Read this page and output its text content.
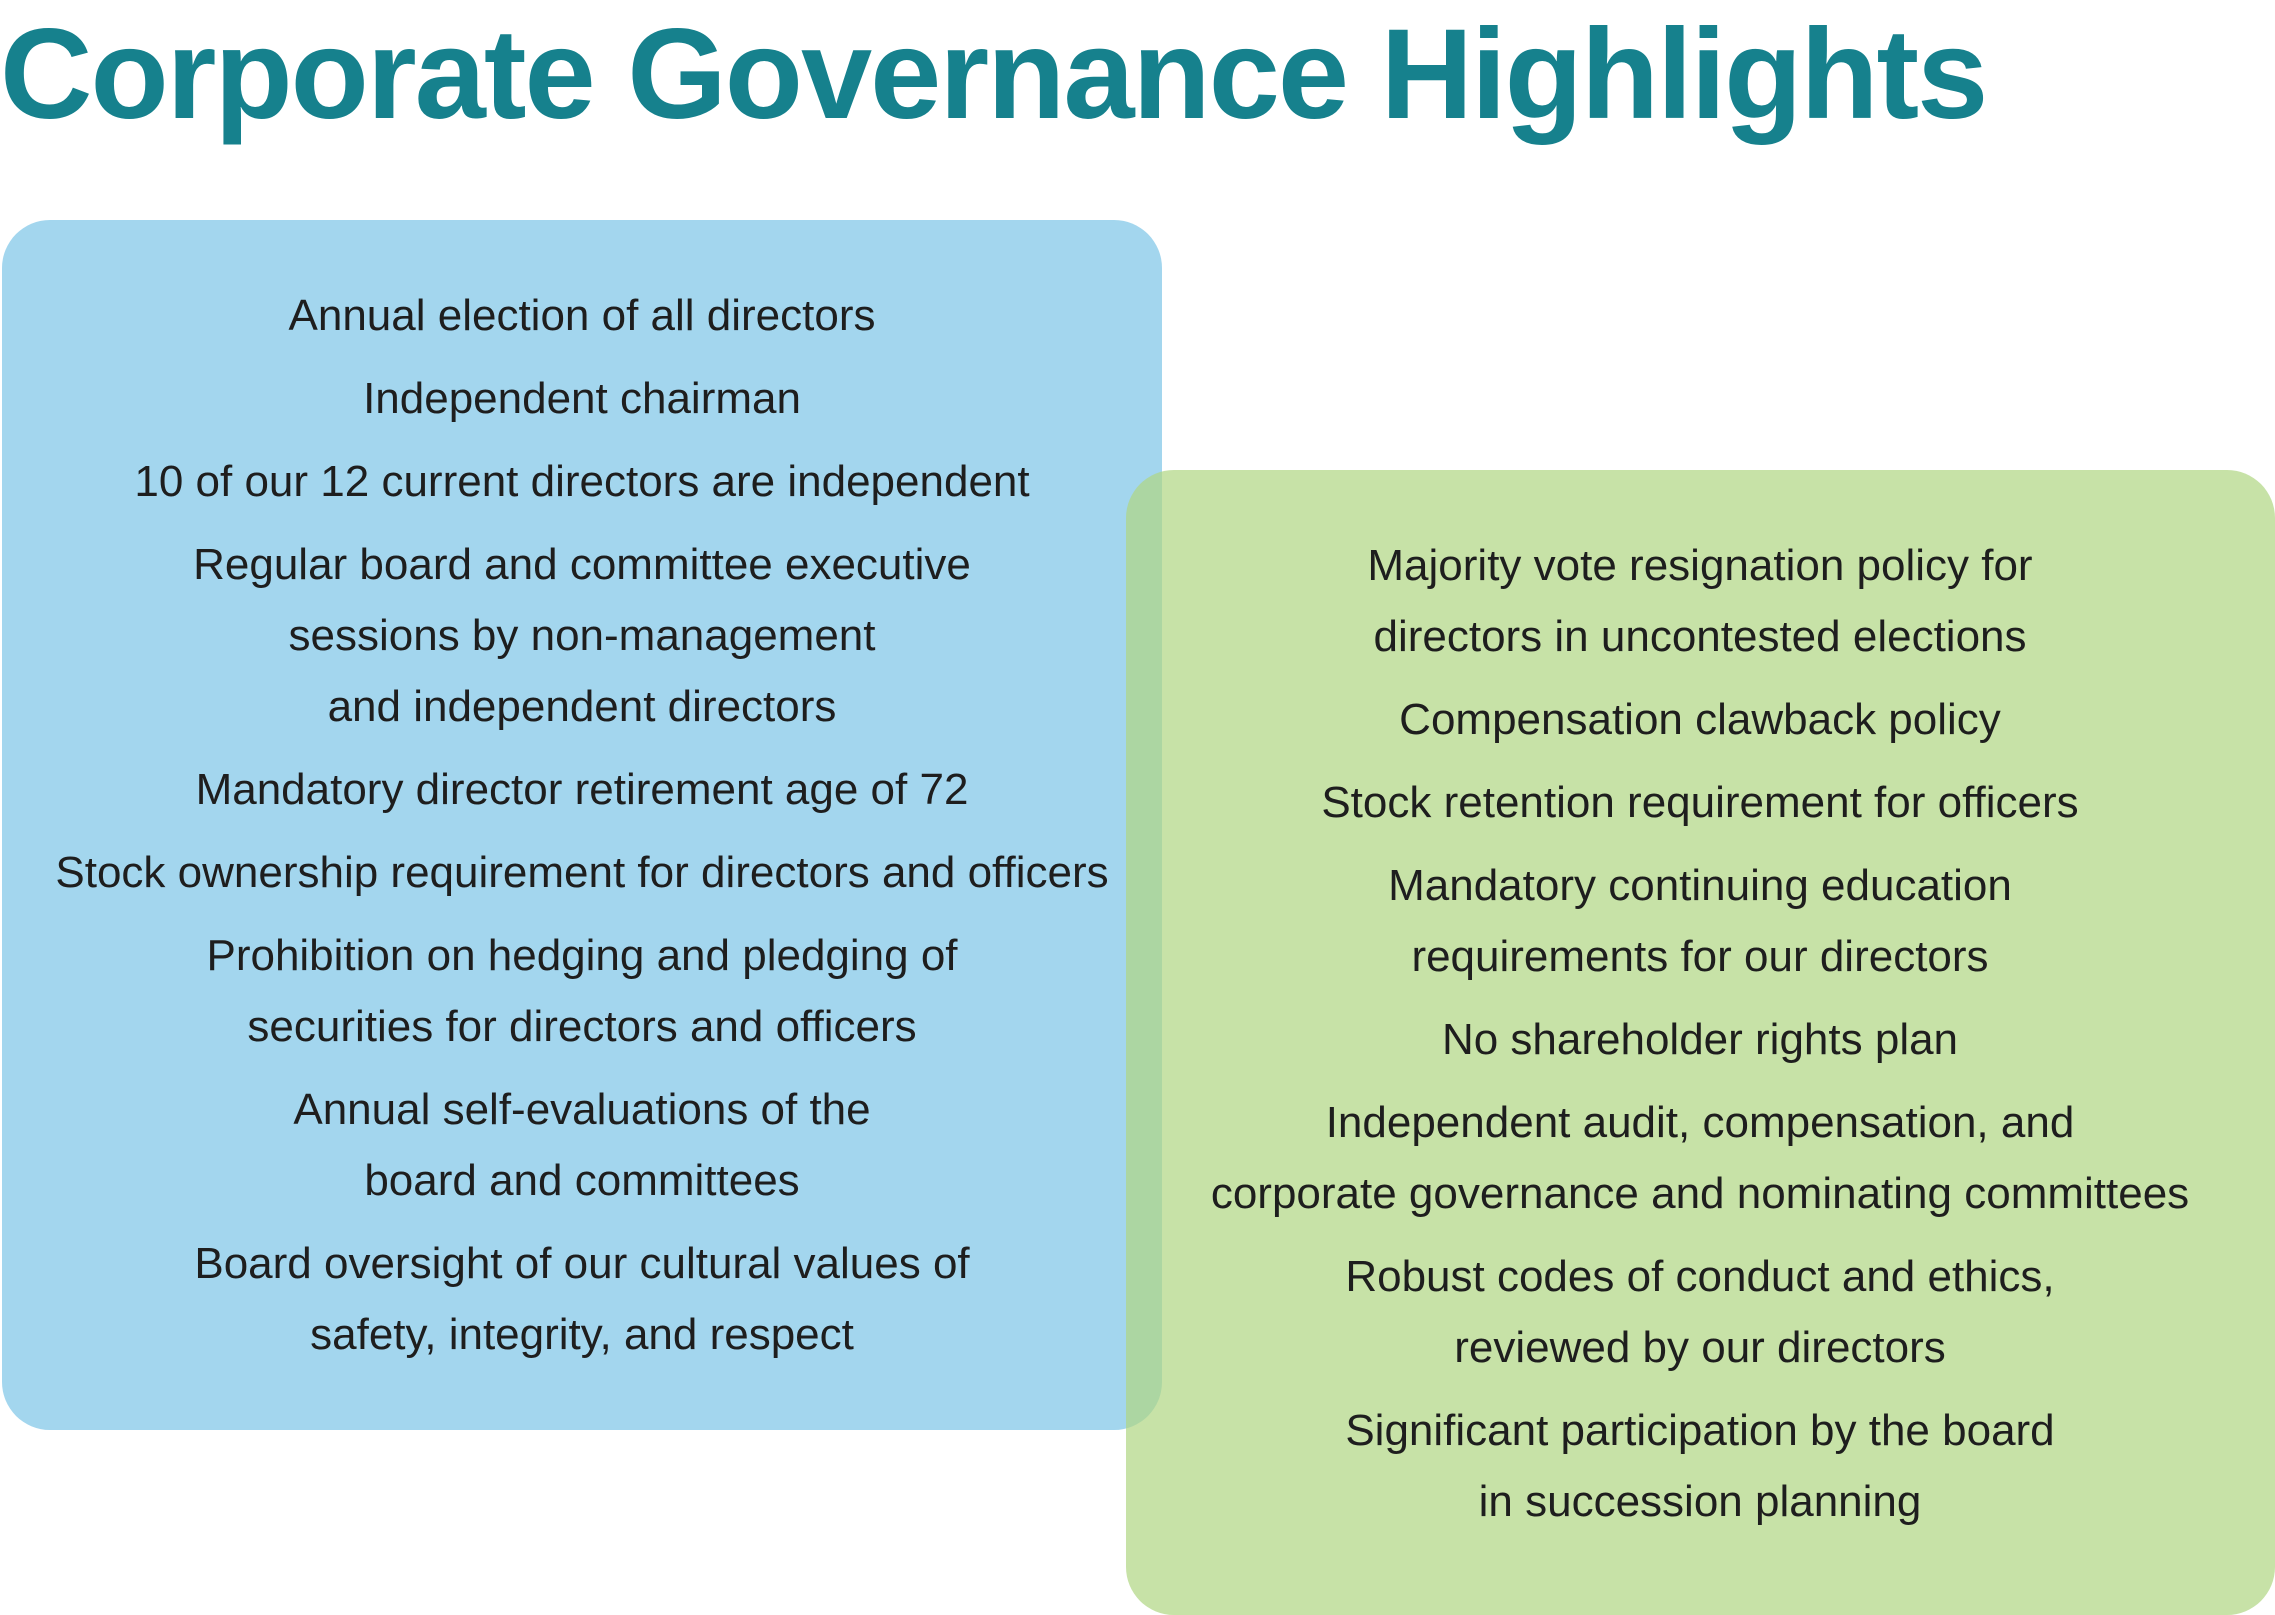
Corporate Governance Highlights
Annual election of all directors
Independent chairman
10 of our 12 current directors are independent
Regular board and committee executive
sessions by non-management
and independent directors
Mandatory director retirement age of 72
Stock ownership requirement for directors and officers
Prohibition on hedging and pledging of
securities for directors and officers
Annual self-evaluations of the
board and committees
Board oversight of our cultural values of
safety, integrity, and respect
Majority vote resignation policy for
directors in uncontested elections
Compensation clawback policy
Stock retention requirement for officers
Mandatory continuing education
requirements for our directors
No shareholder rights plan
Independent audit, compensation, and
corporate governance and nominating committees
Robust codes of conduct and ethics,
reviewed by our directors
Significant participation by the board
in succession planning
